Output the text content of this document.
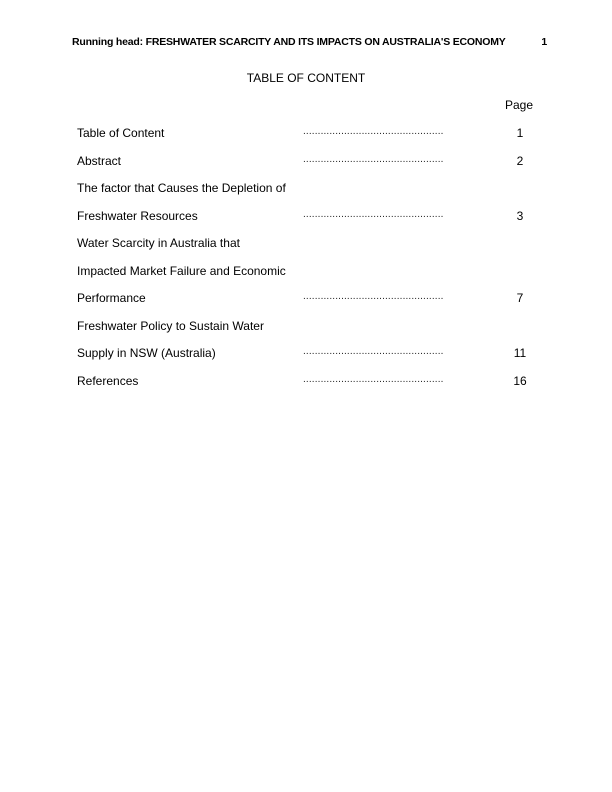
Running head: FRESHWATER SCARCITY AND ITS IMPACTS ON AUSTRALIA'S ECONOMY	1
TABLE OF CONTENT
Page
Table of Content	................................................	1
Abstract	................................................	2
The factor that Causes the Depletion of
Freshwater Resources	................................................	3
Water Scarcity in Australia that
Impacted Market Failure and Economic
Performance	................................................	7
Freshwater Policy to Sustain Water
Supply in NSW (Australia)	................................................	11
References	................................................	16
